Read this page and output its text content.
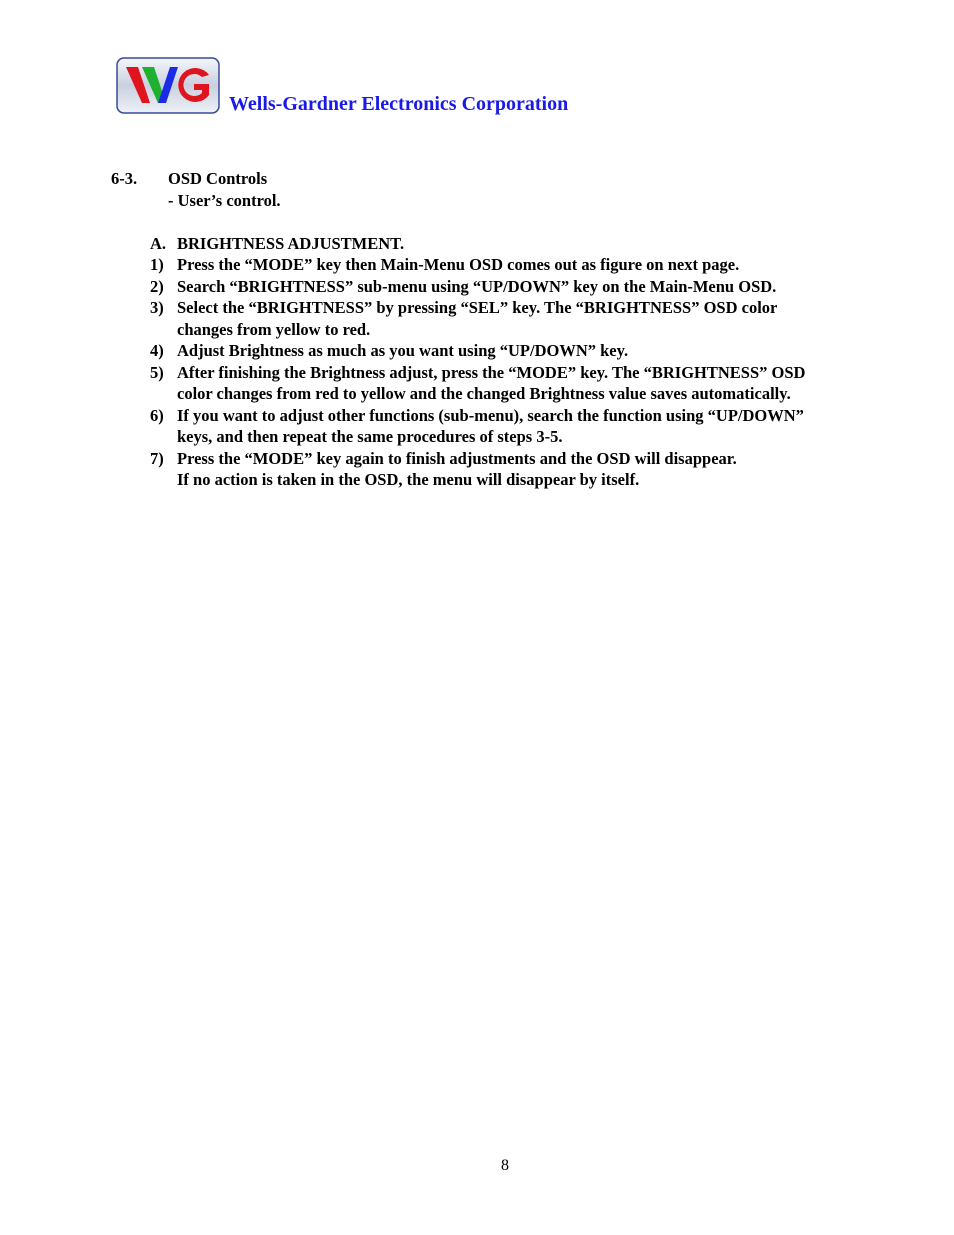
Wells-Gardner Electronics Corporation
6-3.	OSD Controls
- User’s control.
A. BRIGHTNESS ADJUSTMENT.
1) Press the “MODE” key then Main-Menu OSD comes out as figure on next page.
2) Search “BRIGHTNESS” sub-menu using “UP/DOWN” key on the Main-Menu OSD.
3) Select the “BRIGHTNESS” by pressing “SEL” key. The “BRIGHTNESS” OSD color
changes from yellow to red.
4) Adjust Brightness as much as you want using “UP/DOWN” key.
5) After finishing the Brightness adjust, press the “MODE” key. The “BRIGHTNESS” OSD
color changes from red to yellow and the changed Brightness value saves automatically.
6) If you want to adjust other functions (sub-menu), search the function using “UP/DOWN”
keys, and then repeat the same procedures of steps 3-5.
7) Press the “MODE” key again to finish adjustments and the OSD will disappear.
If no action is taken in the OSD, the menu will disappear by itself.
8
